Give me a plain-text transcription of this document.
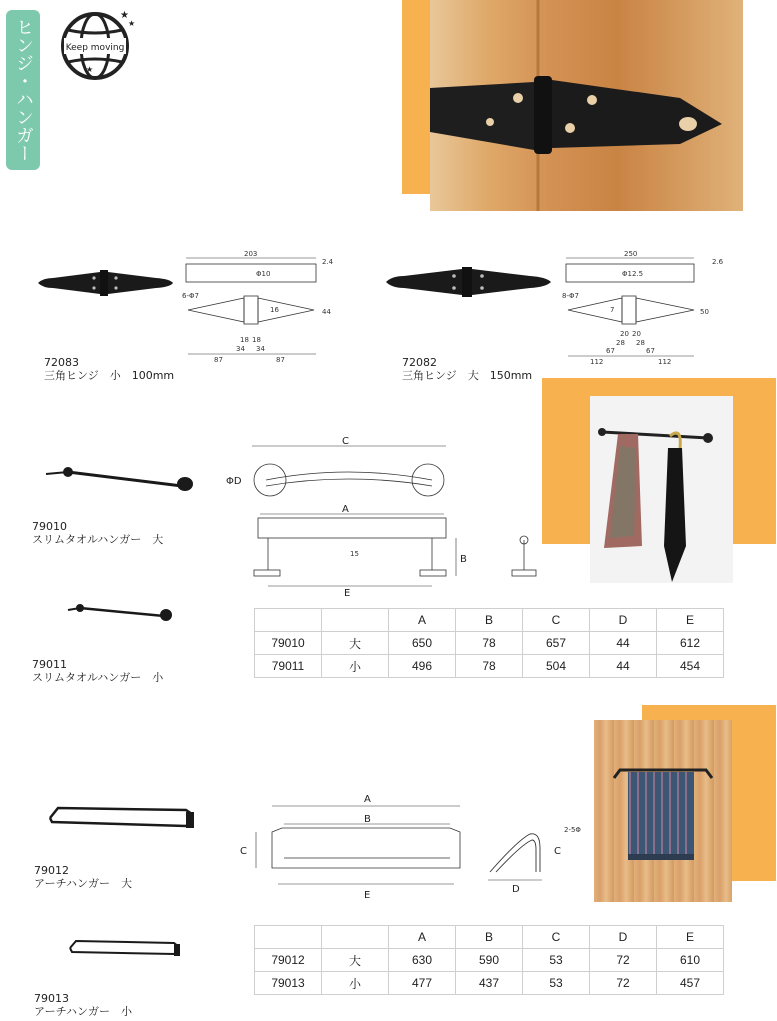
ヒンジ・ハンガー	Keep moving
★
★
★
203
2.4
Φ10
6-Φ7
44
16
18 18
34 34
87	87
72083
三角ヒンジ　小　100mm
250
2.6
Φ12.5
8-Φ7
50
7
20 20
28 28
67	67
112	112
72082
三角ヒンジ　大　150mm
79010
スリムタオルハンガー　大
79011
スリムタオルハンガー　小
C
ΦD
A
15	B
E
		A	B	C	D	E
79010	大	650	78	657	44	612
79011	小	496	78	504	44	454
79012
アーチハンガー　大
79013
アーチハンガー　小
A
B
C
E
2-5Φ
C
D
		A	B	C	D	E
79012	大	630	590	53	72	610
79013	小	477	437	53	72	457
